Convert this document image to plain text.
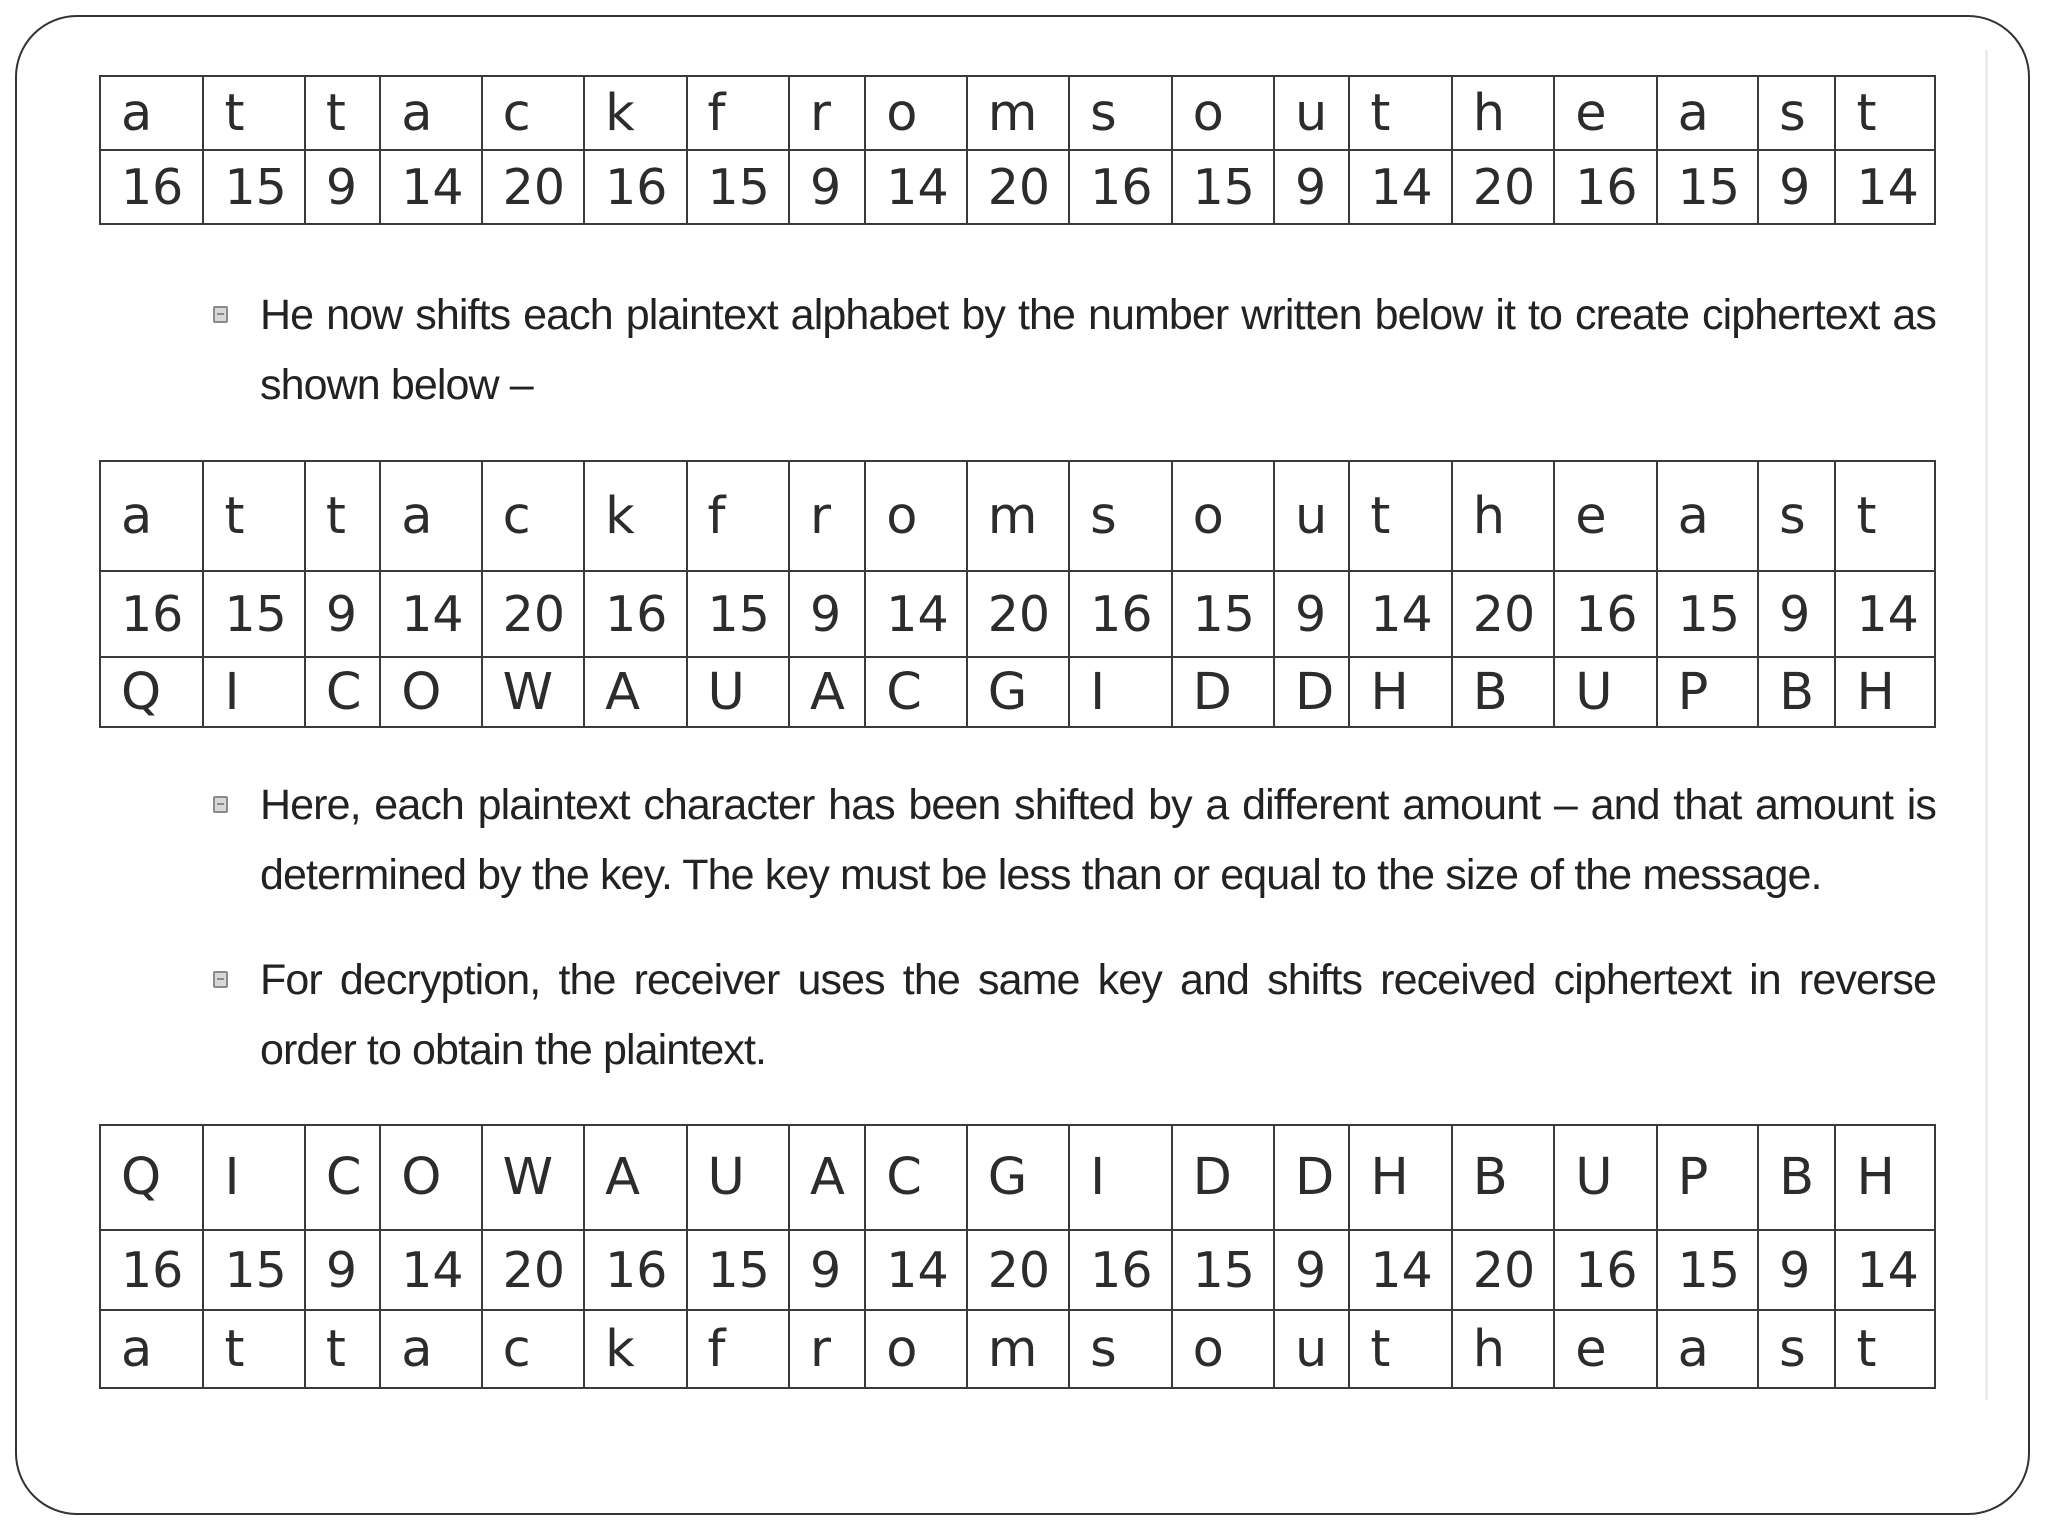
a	t	t	a	c	k	f	r	o	m	s	o	u	t	h	e	a	s	t
16	15	9	14	20	16	15	9	14	20	16	15	9	14	20	16	15	9	14
He now shifts each plaintext alphabet by the number written below it to create ciphertext as shown below –
a	t	t	a	c	k	f	r	o	m	s	o	u	t	h	e	a	s	t
16	15	9	14	20	16	15	9	14	20	16	15	9	14	20	16	15	9	14
Q	I	C	O	W	A	U	A	C	G	I	D	D	H	B	U	P	B	H
Here, each plaintext character has been shifted by a different amount – and that amount is determined by the key. The key must be less than or equal to the size of the message.
For decryption, the receiver uses the same key and shifts received ciphertext in reverse order to obtain the plaintext.
Q	I	C	O	W	A	U	A	C	G	I	D	D	H	B	U	P	B	H
16	15	9	14	20	16	15	9	14	20	16	15	9	14	20	16	15	9	14
a	t	t	a	c	k	f	r	o	m	s	o	u	t	h	e	a	s	t
